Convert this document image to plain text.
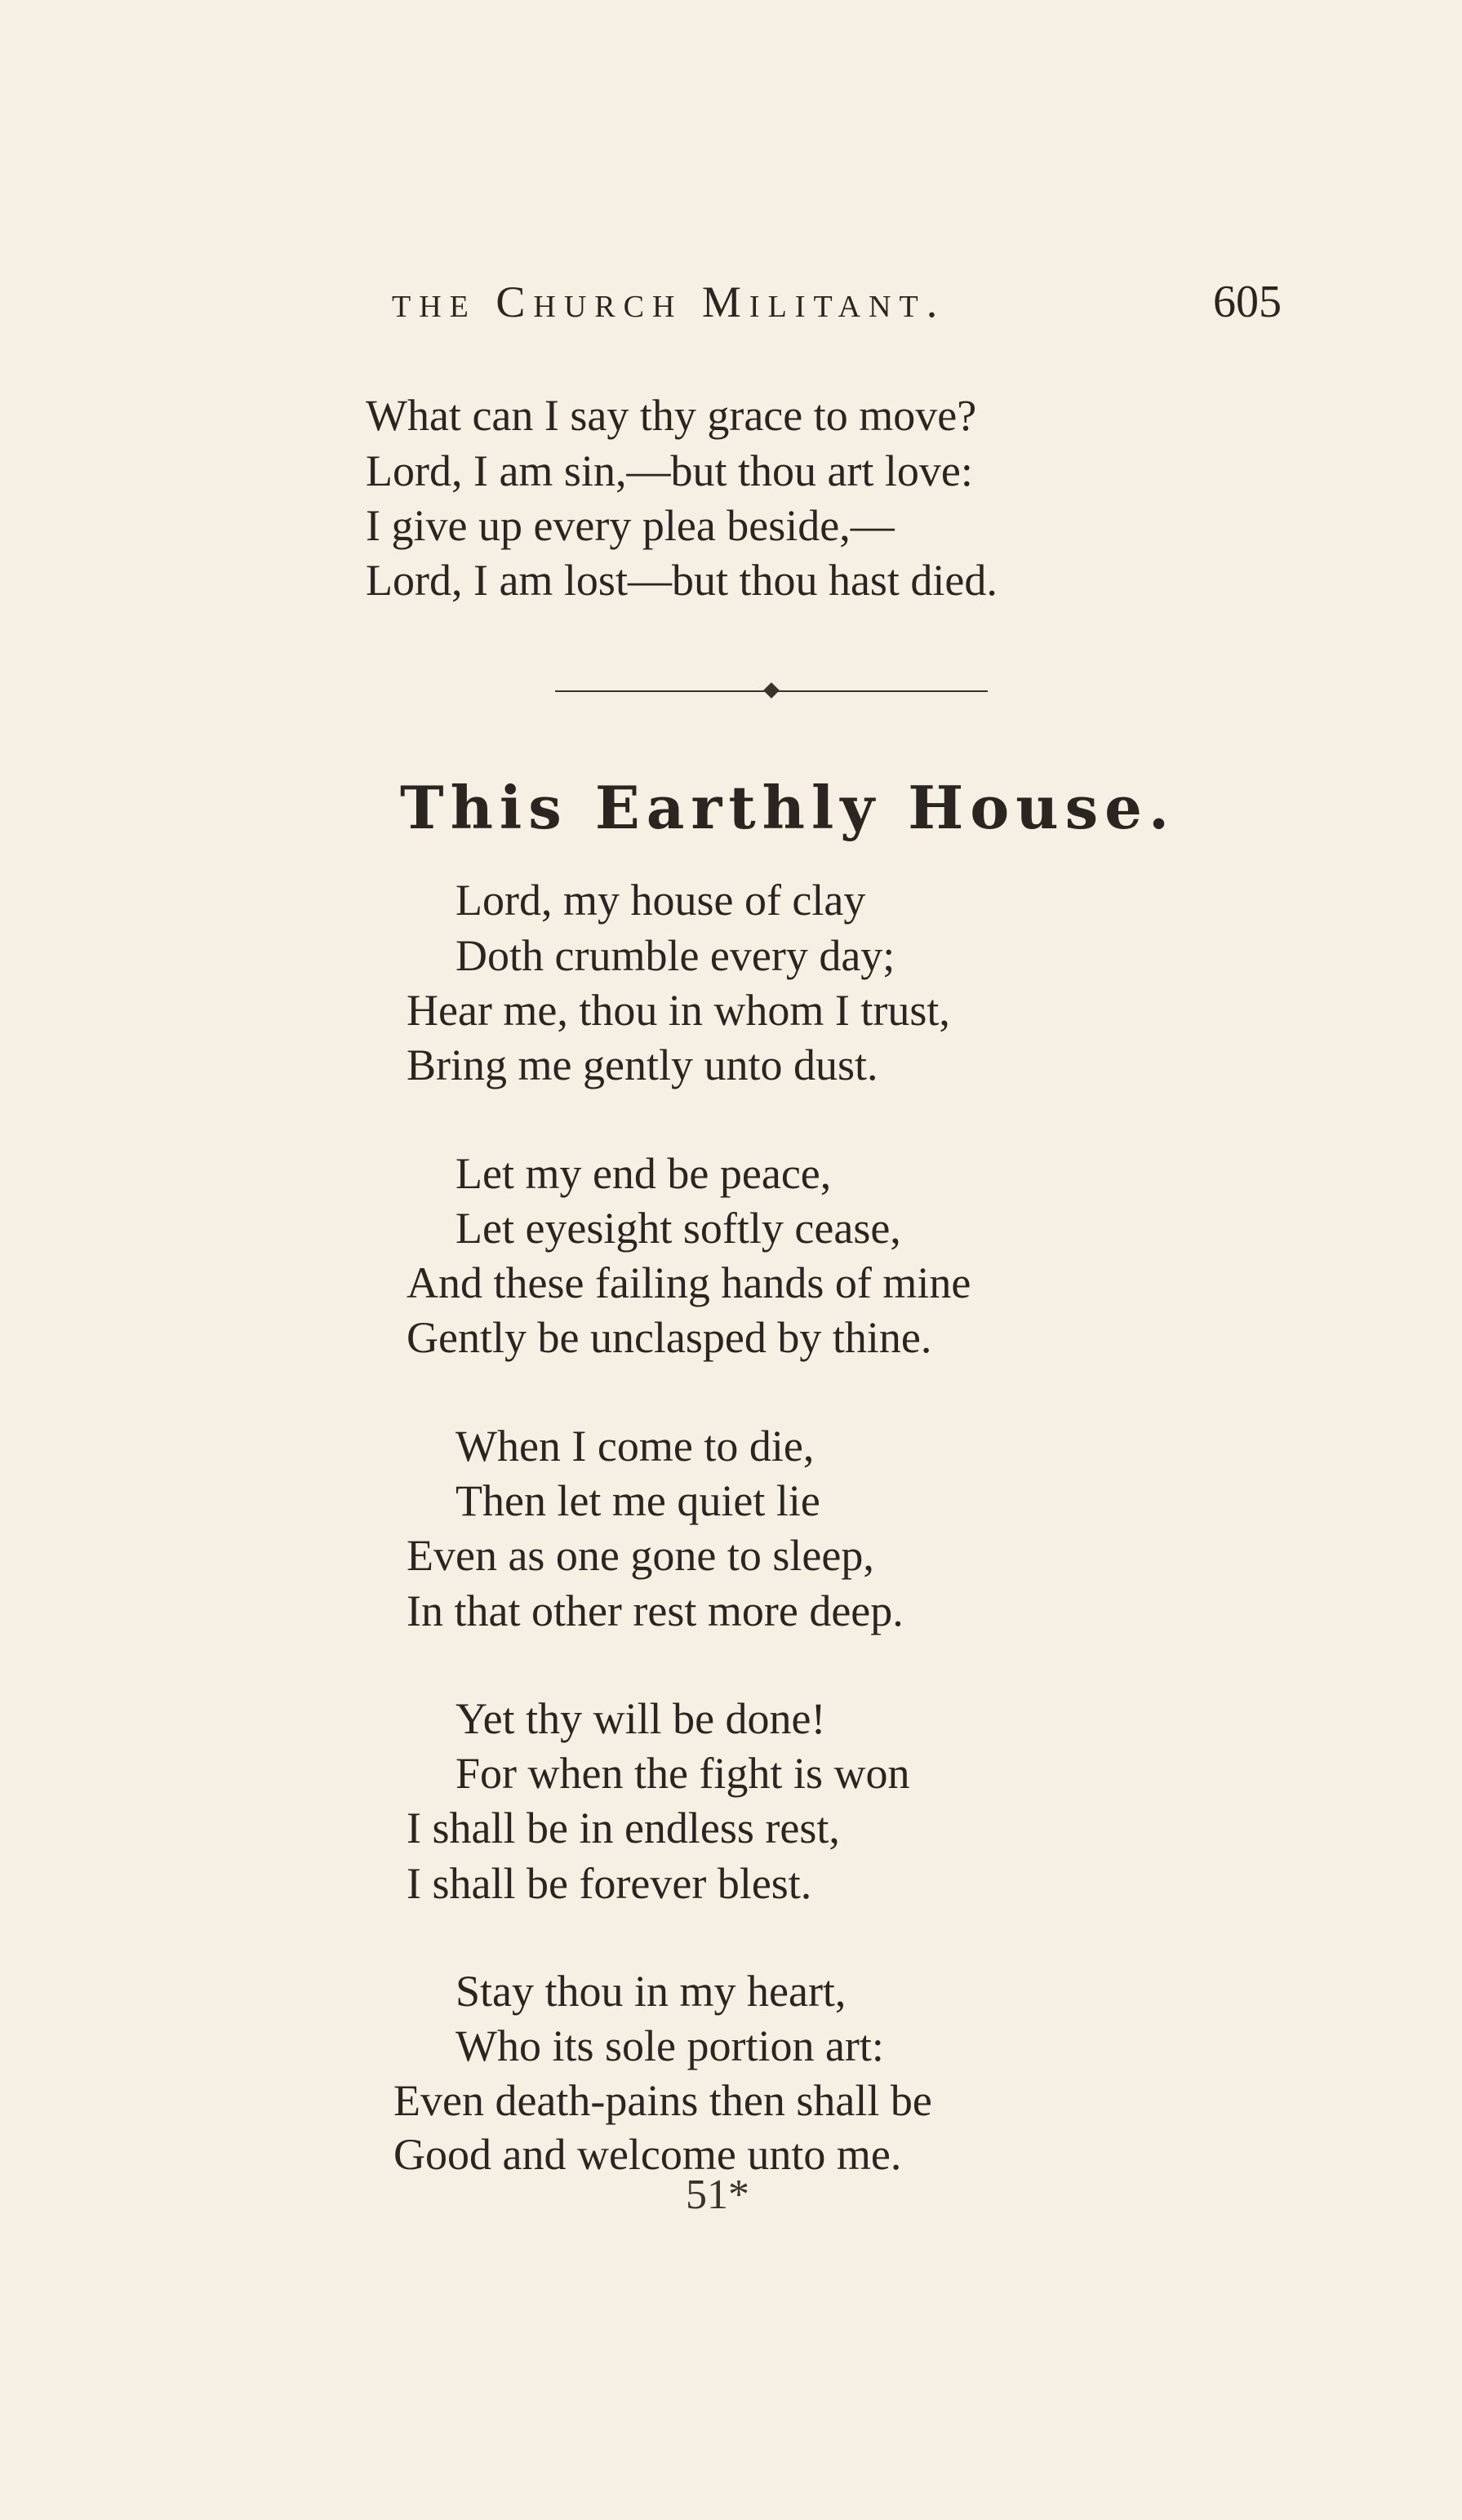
the Church Militant.	605
What can I say thy grace to move?
Lord, I am sin,—but thou art love:
I give up every plea beside,—
Lord, I am lost—but thou hast died.
This Earthly House.
Lord, my house of clay
Doth crumble every day;
Hear me, thou in whom I trust,
Bring me gently unto dust.
Let my end be peace,
Let eyesight softly cease,
And these failing hands of mine
Gently be unclasped by thine.
When I come to die,
Then let me quiet lie
Even as one gone to sleep,
In that other rest more deep.
Yet thy will be done!
For when the fight is won
I shall be in endless rest,
I shall be forever blest.
Stay thou in my heart,
Who its sole portion art:
Even death-pains then shall be
Good and welcome unto me.
51*
